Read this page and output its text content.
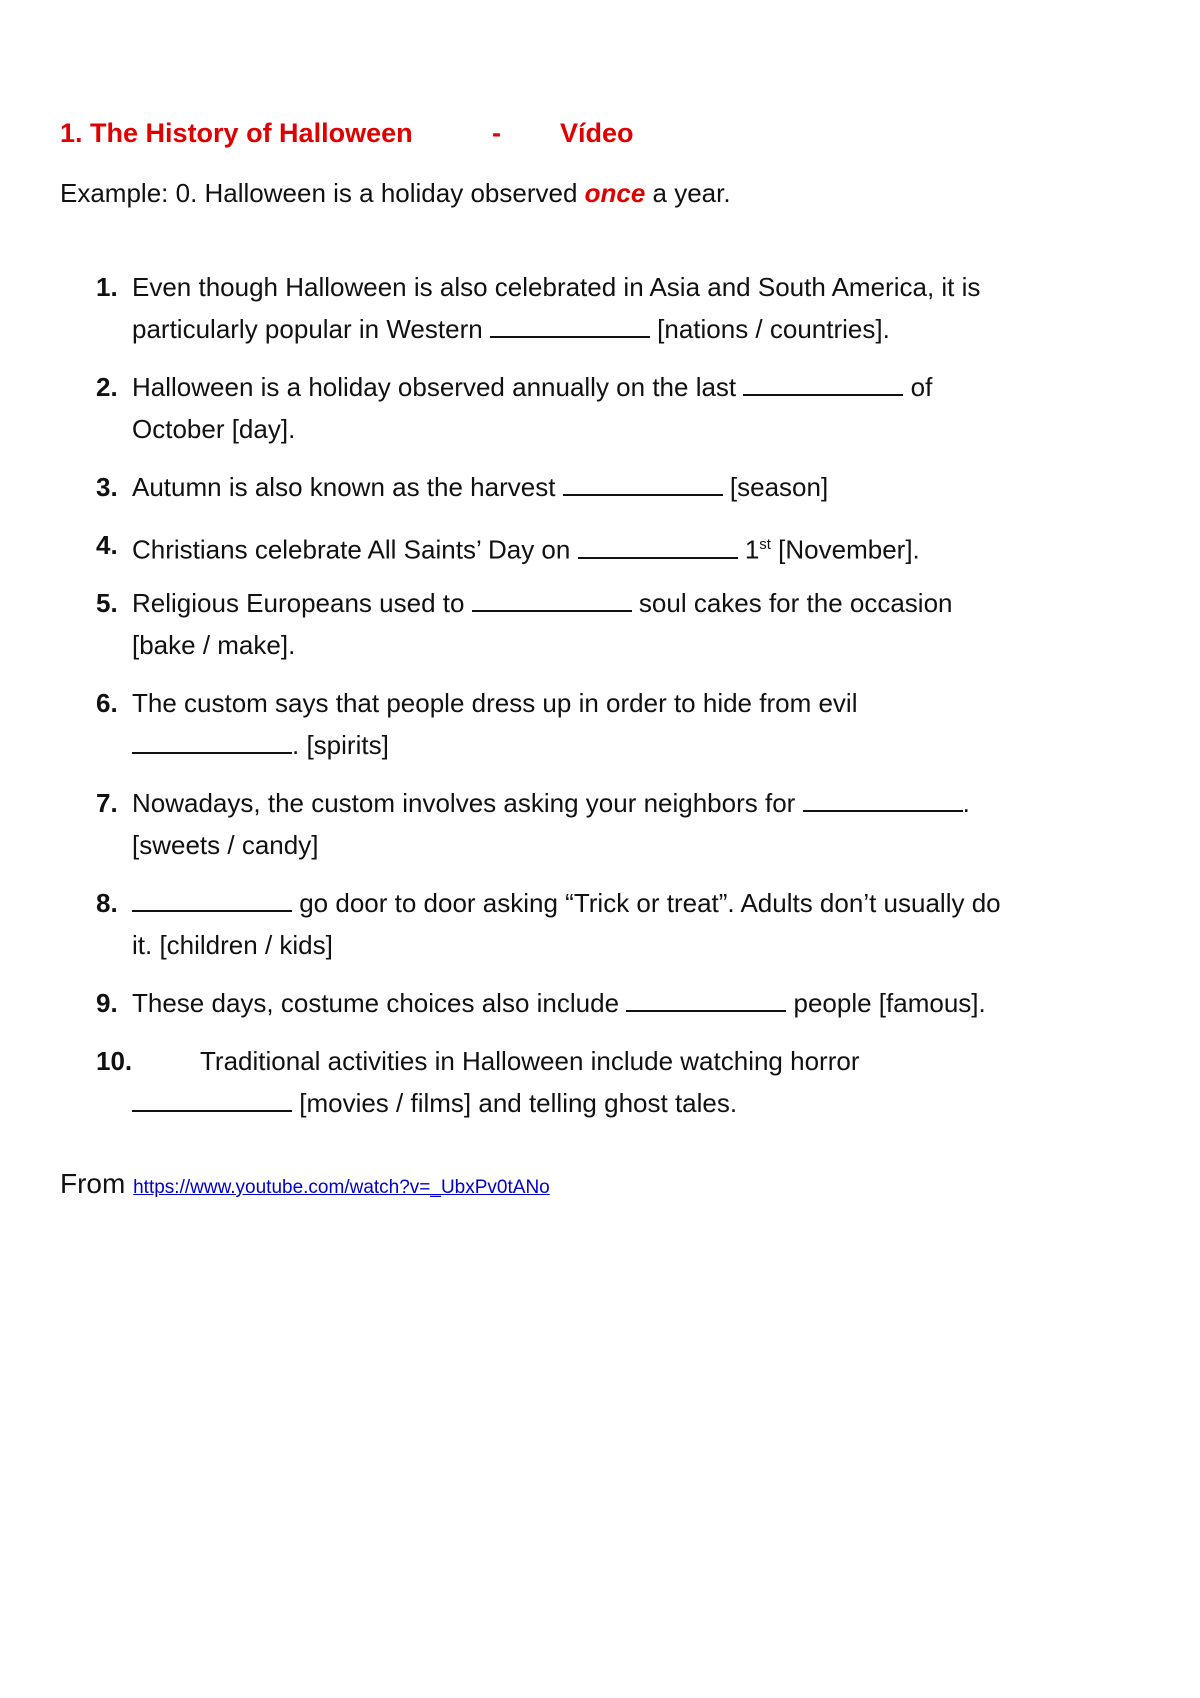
1. The History of Halloween	- Vídeo
Example: 0. Halloween is a holiday observed once a year.
1. Even though Halloween is also celebrated in Asia and South America, it is
particularly popular in Western	[nations / countries].
2. Halloween is a holiday observed annually on the last	of
October [day].
3. Autumn is also known as the harvest	[season]
4. Christians celebrate All Saints’ Day on	1st [November].
5. Religious Europeans used to	soul cakes for the occasion
[bake / make].
6. The custom says that people dress up in order to hide from evil
. [spirits]
7. Nowadays, the custom involves asking your neighbors for	.
[sweets / candy]
8.	go door to door asking “Trick or treat”. Adults don’t usually do
it. [children / kids]
9. These days, costume choices also include	people [famous].
10.	Traditional activities in Halloween include watching horror
[movies / films] and telling ghost tales.
From https://www.youtube.com/watch?v=_UbxPv0tANo
